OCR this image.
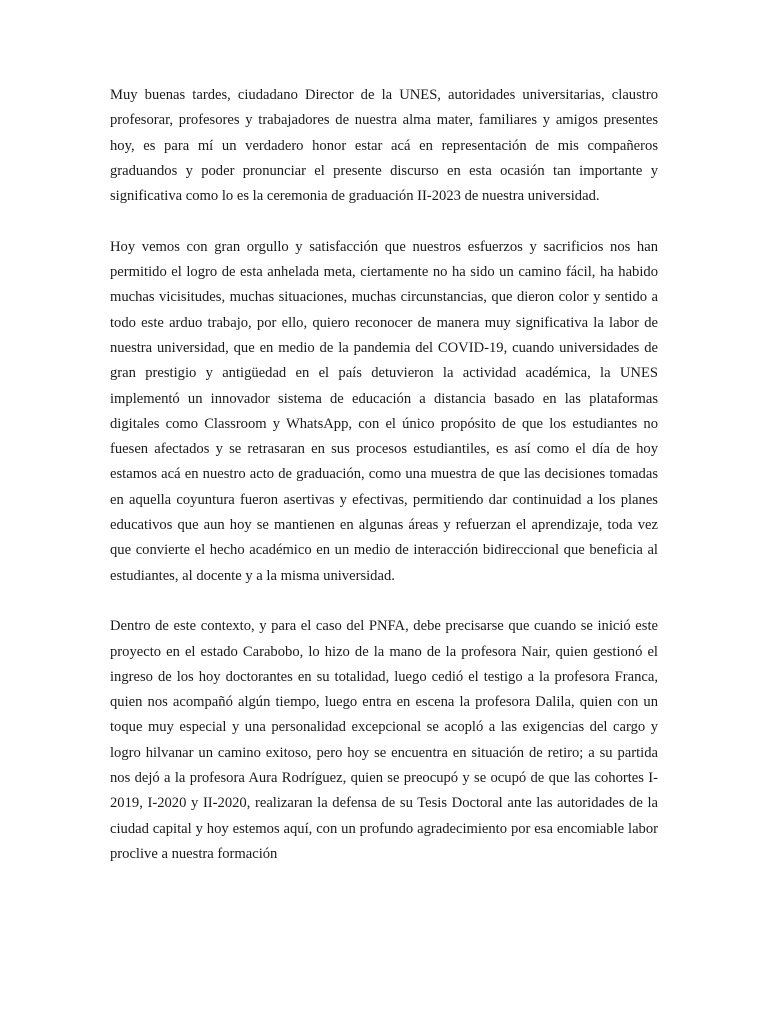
Muy buenas tardes, ciudadano Director de la UNES, autoridades universitarias, claustro profesorar, profesores y trabajadores de nuestra alma mater, familiares y amigos presentes hoy, es para mí un verdadero honor estar acá en representación de mis compañeros graduandos y poder pronunciar el presente discurso en esta ocasión tan importante y significativa como lo es la ceremonia de graduación II-2023 de nuestra universidad.

Hoy vemos con gran orgullo y satisfacción que nuestros esfuerzos y sacrificios nos han permitido el logro de esta anhelada meta, ciertamente no ha sido un camino fácil, ha habido muchas vicisitudes, muchas situaciones, muchas circunstancias, que dieron color y sentido a todo este arduo trabajo, por ello, quiero reconocer de manera muy significativa la labor de nuestra universidad, que en medio de la pandemia del COVID-19, cuando universidades de gran prestigio y antigüedad en el país detuvieron la actividad académica, la UNES implementó un innovador sistema de educación a distancia basado en las plataformas digitales como Classroom y WhatsApp, con el único propósito de que los estudiantes no fuesen afectados y se retrasaran en sus procesos estudiantiles, es así como el día de hoy estamos acá en nuestro acto de graduación, como una muestra de que las decisiones tomadas en aquella coyuntura fueron asertivas y efectivas, permitiendo dar continuidad a los planes educativos que aun hoy se mantienen en algunas áreas y refuerzan el aprendizaje, toda vez que convierte el hecho académico en un medio de interacción bidireccional que beneficia al estudiantes, al docente y a la misma universidad.

Dentro de este contexto, y para el caso del PNFA, debe precisarse que cuando se inició este proyecto en el estado Carabobo, lo hizo de la mano de la profesora Nair, quien gestionó el ingreso de los hoy doctorantes en su totalidad, luego cedió el testigo a la profesora Franca, quien nos acompañó algún tiempo, luego entra en escena la profesora Dalila, quien con un toque muy especial y una personalidad excepcional se acopló a las exigencias del cargo y logro hilvanar un camino exitoso, pero hoy se encuentra en situación de retiro; a su partida nos dejó a la profesora Aura Rodríguez, quien se preocupó y se ocupó de que las cohortes I-2019, I-2020 y II-2020, realizaran la defensa de su Tesis Doctoral ante las autoridades de la ciudad capital y hoy estemos aquí, con un profundo agradecimiento por esa encomiable labor proclive a nuestra formación
